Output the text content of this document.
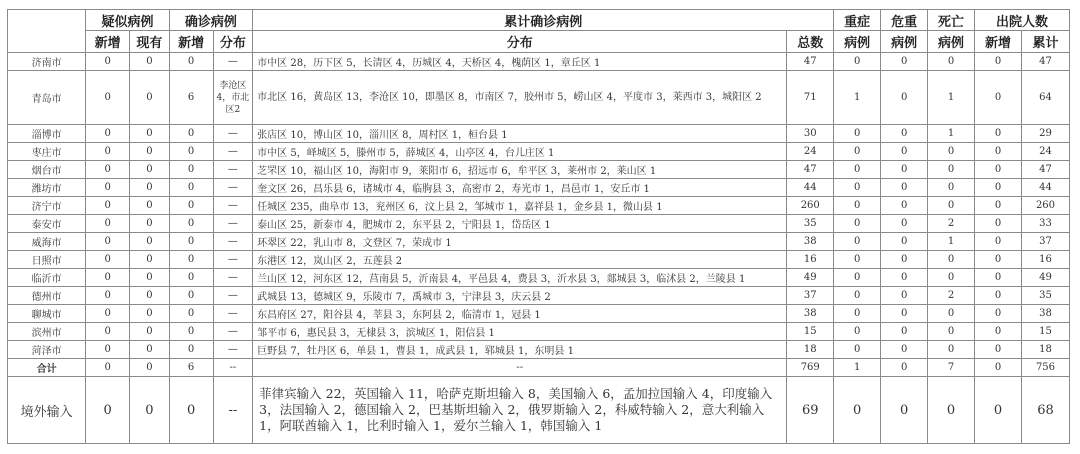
	疑似病例		确诊病例		累计确诊病例		重症	危重	死亡	出院人数	
	新增	现有	新增	分布	分布	总数	病例	病例	病例	新增	累计
济南市	0	0	0	—	市中区 28，历下区 5，长清区 4，历城区 4，天桥区 4，槐荫区 1，章丘区 1	47	0	0	0	0	47
青岛市	0	0	6	李沧区4，市北区2	市北区 16，黄岛区 13，李沧区 10，即墨区 8，市南区 7，胶州市 5，崂山区 4，平度市 3，莱西市 3，城阳区 2	71	1	0	1	0	64
淄博市	0	0	0	—	张店区 10，博山区 10，淄川区 8，周村区 1，桓台县 1	30	0	0	1	0	29
枣庄市	0	0	0	—	市中区 5，峄城区 5，滕州市 5，薛城区 4，山亭区 4，台儿庄区 1	24	0	0	0	0	24
烟台市	0	0	0	—	芝罘区 10，福山区 10，海阳市 9，莱阳市 6，招远市 6，牟平区 3，莱州市 2，莱山区 1	47	0	0	0	0	47
潍坊市	0	0	0	—	奎文区 26，昌乐县 6，诸城市 4，临朐县 3，高密市 2，寿光市 1，昌邑市 1，安丘市 1	44	0	0	0	0	44
济宁市	0	0	0	—	任城区 235，曲阜市 13，兖州区 6，汶上县 2，邹城市 1，嘉祥县 1，金乡县 1，微山县 1	260	0	0	0	0	260
泰安市	0	0	0	—	泰山区 25，新泰市 4，肥城市 2，东平县 2，宁阳县 1，岱岳区 1	35	0	0	2	0	33
威海市	0	0	0	—	环翠区 22，乳山市 8，文登区 7，荣成市 1	38	0	0	1	0	37
日照市	0	0	0	—	东港区 12，岚山区 2，五莲县 2	16	0	0	0	0	16
临沂市	0	0	0	—	兰山区 12，河东区 12，莒南县 5，沂南县 4，平邑县 4，费县 3，沂水县 3，郯城县 3，临沭县 2，兰陵县 1	49	0	0	0	0	49
德州市	0	0	0	—	武城县 13，德城区 9，乐陵市 7，禹城市 3，宁津县 3，庆云县 2	37	0	0	2	0	35
聊城市	0	0	0	—	东昌府区 27，阳谷县 4，莘县 3，东阿县 2，临清市 1，冠县 1	38	0	0	0	0	38
滨州市	0	0	0	—	邹平市 6，惠民县 3，无棣县 3，滨城区 1，阳信县 1	15	0	0	0	0	15
菏泽市	0	0	0	—	巨野县 7，牡丹区 6，单县 1，曹县 1，成武县 1，郓城县 1，东明县 1	18	0	0	0	0	18
合计	0	0	6	--	--	769	1	0	7	0	756
境外输入	0	0	0	--	菲律宾输入 22，英国输入 11，哈萨克斯坦输入 8，美国输入 6，孟加拉国输入 4，印度输入 3，法国输入 2，德国输入 2，巴基斯坦输入 2，俄罗斯输入 2，科威特输入 2，意大利输入 1，阿联酋输入 1，比利时输入 1，爱尔兰输入 1，韩国输入 1	69	0	0	0	0	68
